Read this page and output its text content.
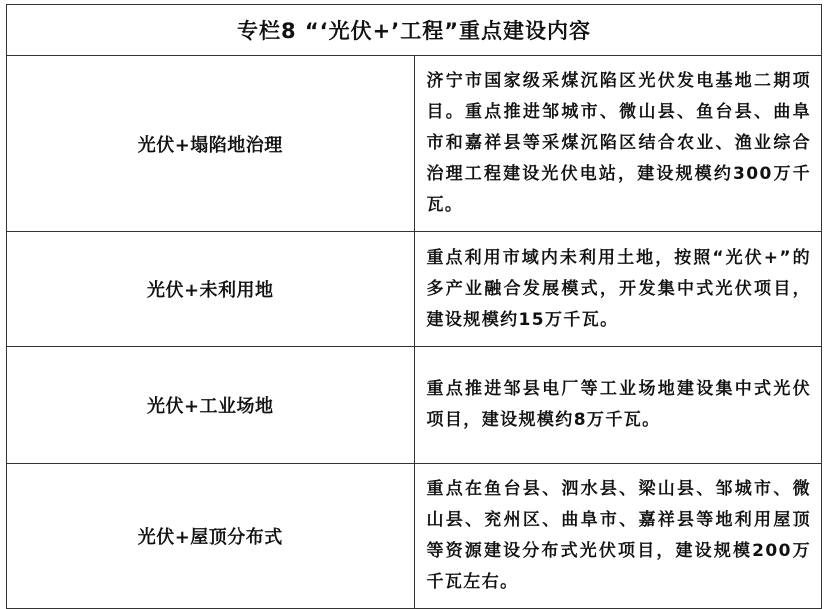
专栏8 “‘光伏+’工程”重点建设内容	
光伏+塌陷地治理	济宁市国家级采煤沉陷区光伏发电基地二期项目。重点推进邹城市、微山县、鱼台县、曲阜市和嘉祥县等采煤沉陷区结合农业、渔业综合治理工程建设光伏电站，建设规模约300万千瓦。
光伏+未利用地	重点利用市域内未利用土地，按照“光伏+”的多产业融合发展模式，开发集中式光伏项目，建设规模约15万千瓦。
光伏+工业场地	重点推进邹县电厂等工业场地建设集中式光伏项目，建设规模约8万千瓦。
光伏+屋顶分布式	重点在鱼台县、泗水县、梁山县、邹城市、微山县、兖州区、曲阜市、嘉祥县等地利用屋顶等资源建设分布式光伏项目，建设规模200万千瓦左右。
